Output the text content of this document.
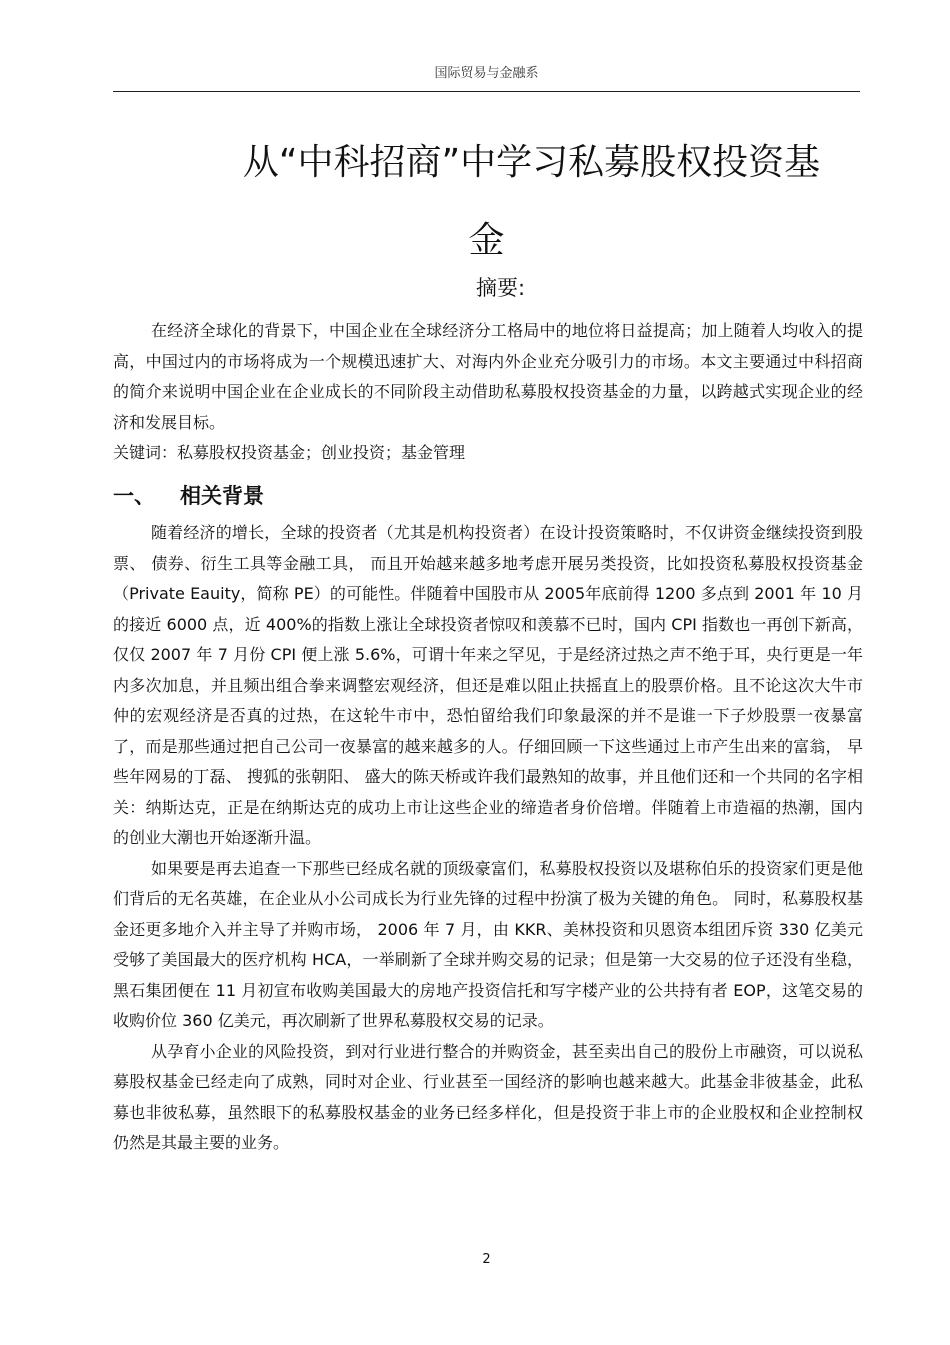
国际贸易与金融系
从“中科招商”中学习私募股权投资基
金
摘要:

在经济全球化的背景下，中国企业在全球经济分工格局中的地位将日益提高；加上随着人均收入的提高，中国过内的市场将成为一个规模迅速扩大、对海内外企业充分吸引力的市场。本文主要通过中科招商的简介来说明中国企业在企业成长的不同阶段主动借助私募股权投资基金的力量，以跨越式实现企业的经济和发展目标。

关键词：私募股权投资基金；创业投资；基金管理

一、 相关背景

随着经济的增长，全球的投资者（尤其是机构投资者）在设计投资策略时，不仅讲资金继续投资到股票、 债券、衍生工具等金融工具， 而且开始越来越多地考虑开展另类投资，比如投资私募股权投资基金 （Private Eauity，简称 PE）的可能性。伴随着中国股市从 2005年底前得 1200 多点到 2001 年 10 月的接近 6000 点，近 400%的指数上涨让全球投资者惊叹和羡慕不已时，国内 CPI 指数也一再创下新高，仅仅 2007 年 7 月份 CPI 便上涨 5.6%，可谓十年来之罕见，于是经济过热之声不绝于耳，央行更是一年内多次加息，并且频出组合拳来调整宏观经济，但还是难以阻止扶摇直上的股票价格。且不论这次大牛市仲的宏观经济是否真的过热，在这轮牛市中，恐怕留给我们印象最深的并不是谁一下子炒股票一夜暴富了，而是那些通过把自己公司一夜暴富的越来越多的人。仔细回顾一下这些通过上市产生出来的富翁， 早些年网易的丁磊、 搜狐的张朝阳、 盛大的陈天桥或许我们最熟知的故事，并且他们还和一个共同的名字相关：纳斯达克，正是在纳斯达克的成功上市让这些企业的缔造者身价倍增。伴随着上市造福的热潮，国内的创业大潮也开始逐渐升温。

如果要是再去追查一下那些已经成名就的顶级豪富们，私募股权投资以及堪称伯乐的投资家们更是他们背后的无名英雄，在企业从小公司成长为行业先锋的过程中扮演了极为关键的角色。 同时，私募股权基金还更多地介入并主导了并购市场， 2006 年 7 月，由 KKR、美林投资和贝恩资本组团斥资 330 亿美元受够了美国最大的医疗机构 HCA，一举刷新了全球并购交易的记录；但是第一大交易的位子还没有坐稳，黑石集团便在 11 月初宣布收购美国最大的房地产投资信托和写字楼产业的公共持有者 EOP，这笔交易的收购价位 360 亿美元，再次刷新了世界私募股权交易的记录。

从孕育小企业的风险投资，到对行业进行整合的并购资金，甚至卖出自己的股份上市融资，可以说私募股权基金已经走向了成熟，同时对企业、行业甚至一国经济的影响也越来越大。此基金非彼基金，此私募也非彼私募，虽然眼下的私募股权基金的业务已经多样化，但是投资于非上市的企业股权和企业控制权仍然是其最主要的业务。

2
